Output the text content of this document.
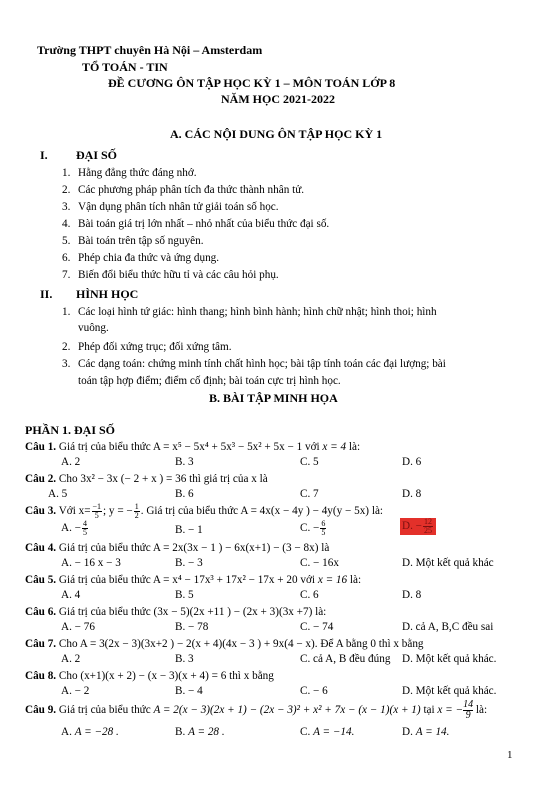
Trường THPT chuyên Hà Nội – Amsterdam
TỔ TOÁN - TIN
ĐỀ CƯƠNG ÔN TẬP HỌC KỲ 1 – MÔN TOÁN LỚP 8
NĂM HỌC 2021-2022
A. CÁC NỘI DUNG ÔN TẬP HỌC KỲ 1
I. ĐẠI SỐ
1. Hằng đẳng thức đáng nhớ.
2. Các phương pháp phân tích đa thức thành nhân tử.
3. Vận dụng phân tích nhân tử giải toán số học.
4. Bài toán giá trị lớn nhất – nhỏ nhất của biểu thức đại số.
5. Bài toán trên tập số nguyên.
6. Phép chia đa thức và ứng dụng.
7. Biến đổi biểu thức hữu tỉ và các câu hỏi phụ.
II. HÌNH HỌC
1. Các loại hình tứ giác: hình thang; hình bình hành; hình chữ nhật; hình thoi; hình
vuông.
2. Phép đối xứng trục; đối xứng tâm.
3. Các dạng toán: chứng minh tính chất hình học; bài tập tính toán các đại lượng; bài
toán tập hợp điểm; điểm cố định; bài toán cực trị hình học.
B. BÀI TẬP MINH HỌA
PHẦN 1. ĐẠI SỐ
Câu 1. Giá trị của biểu thức A = x⁵ − 5x⁴ + 5x³ − 5x² + 5x − 1 với x = 4 là:
A. 2	B. 3	C. 5	D. 6
Câu 2. Cho 3x² − 3x (− 2 + x ) = 36 thì giá trị của x là
A. 5	B. 6	C. 7	D. 8
Câu 3. Với $x= \frac{-1}{5}$ ; y = − $\frac{1}{2}$ . Giá trị của biểu thức A = 4x(x − 4y ) − 4y(y − 5x) là:
A. − $\frac{4}{5}$	B. − 1	C. − $\frac{6}{5}$	D. − $\frac{12}{25}$
Câu 4. Giá trị của biểu thức A = 2x(3x − 1 ) − 6x(x+1) − (3 − 8x) là
A. − 16 x − 3	B. − 3	C. − 16x	D. Một kết quả khác
Câu 5. Giá trị của biểu thức A = x⁴ − 17x³ + 17x² − 17x + 20 với x = 16 là:
A. 4	B. 5	C. 6	D. 8
Câu 6. Giá trị của biểu thức (3x − 5)(2x +11 ) − (2x + 3)(3x +7) là:
A. − 76	B. − 78	C. − 74	D. cả A, B,C đều sai
Câu 7. Cho A = 3(2x − 3)(3x+2 ) − 2(x + 4)(4x − 3 ) + 9x(4 − x). Để A bằng 0 thì x bằng
A. 2	B. 3	C. cả A, B đều đúng D. Một kết quả khác.
Câu 8. Cho (x+1)(x + 2) − (x − 3)(x + 4) = 6 thì x bằng
A. − 2	B. − 4	C. − 6	D. Một kết quả khác.
Câu 9. Giá trị của biểu thức A = 2(x − 3)(2x + 1) − (2x − 3)² + x² + 7x − (x − 1)(x + 1) tại x = − $\frac{14}{9}$ là:
A. A = −28 .	B. A = 28 .	C. A = −14.	D. A = 14.
1
